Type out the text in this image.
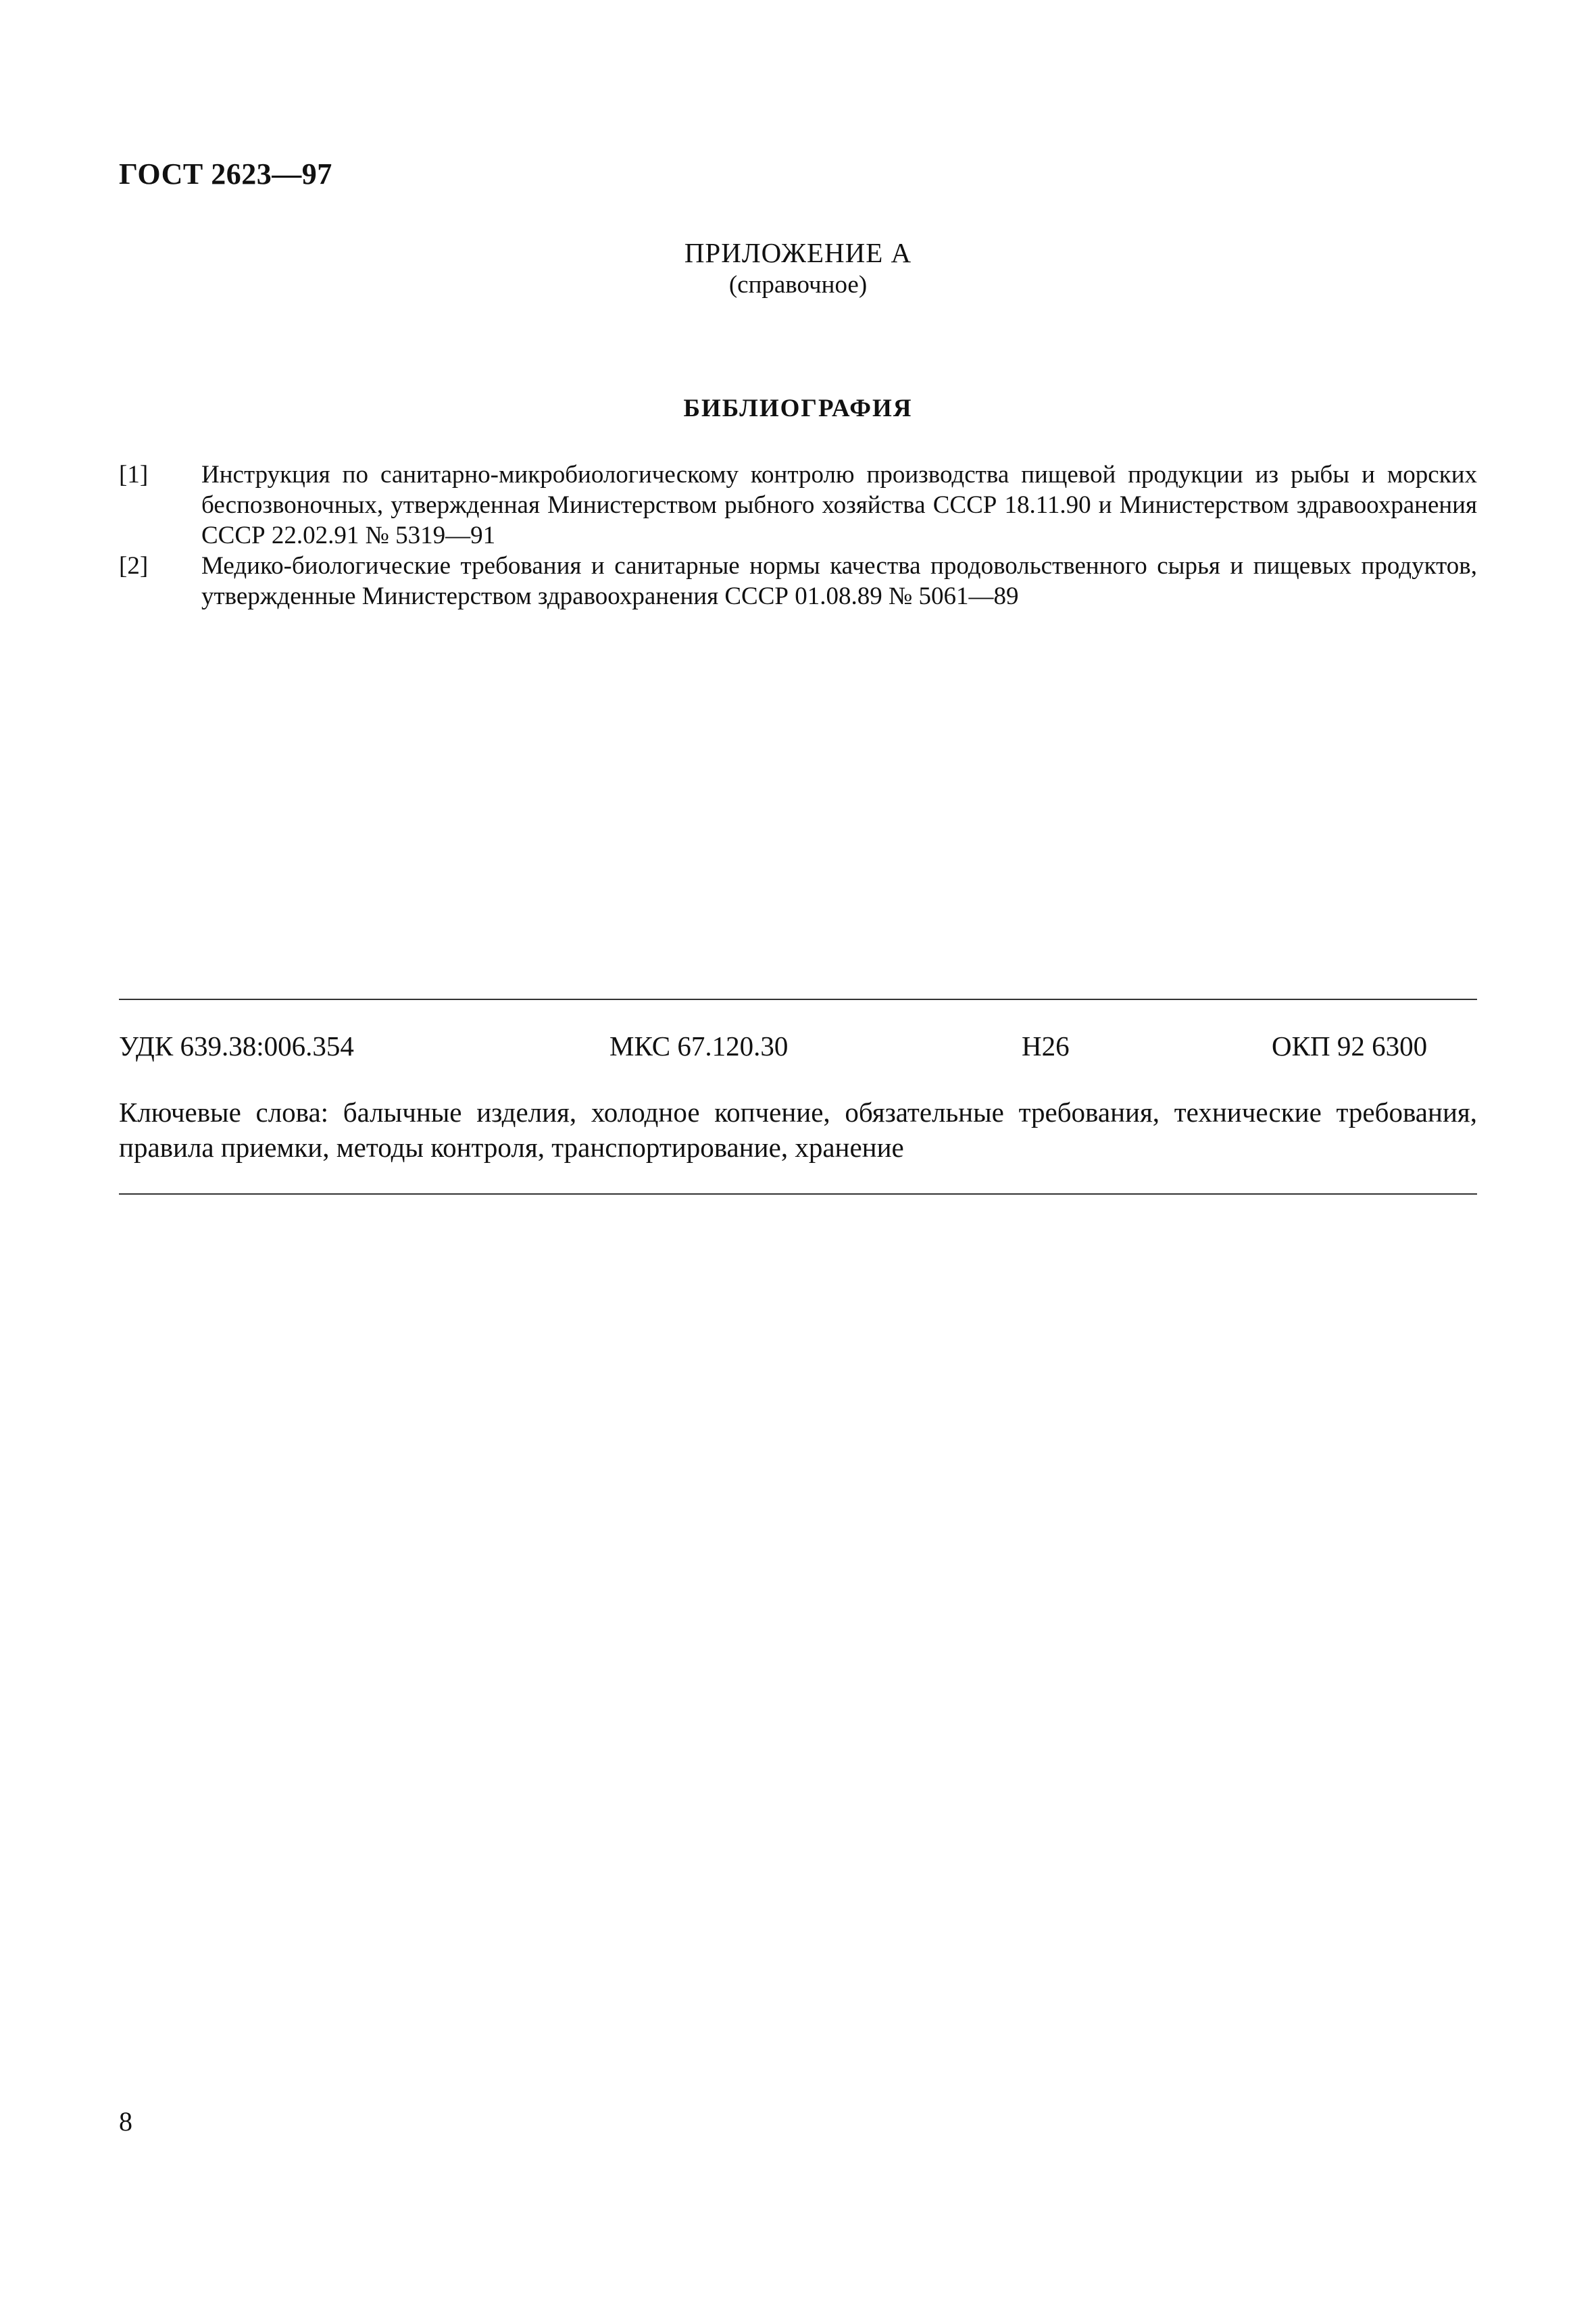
ГОСТ 2623—97
ПРИЛОЖЕНИЕ А
(справочное)
БИБЛИОГРАФИЯ
[1]	Инструкция по санитарно-микробиологическому контролю производства пищевой продукции из рыбы и морских беспозвоночных, утвержденная Министерством рыбного хозяйства СССР 18.11.90 и Министерством здравоохранения СССР 22.02.91 № 5319—91
[2]	Медико-биологические требования и санитарные нормы качества продовольственного сырья и пищевых продуктов, утвержденные Министерством здравоохранения СССР 01.08.89 № 5061—89
УДК 639.38:006.354	МКС 67.120.30	Н26	ОКП 92 6300
Ключевые слова: балычные изделия, холодное копчение, обязательные требования, технические требования, правила приемки, методы контроля, транспортирование, хранение
8
